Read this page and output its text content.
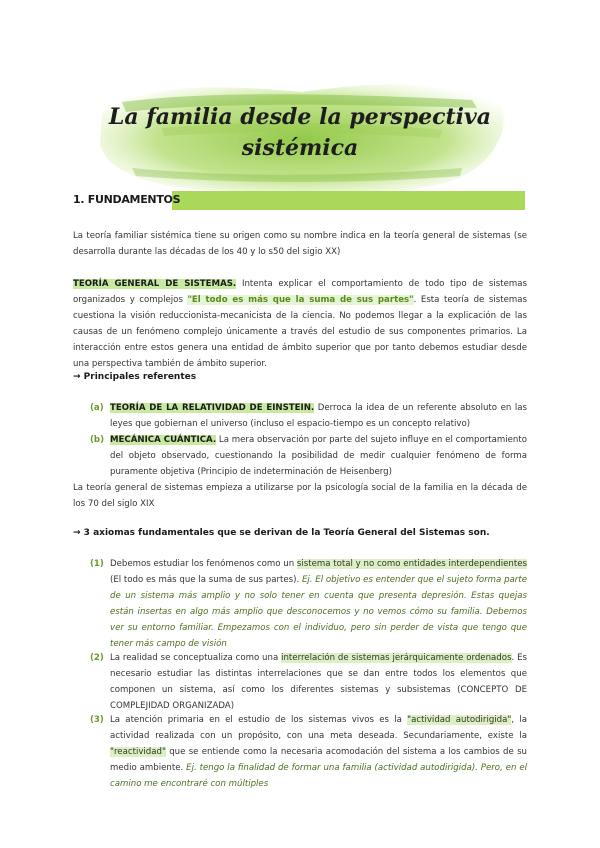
La familia desde la perspectiva
sistémica
1. FUNDAMENTOS
La teoría familiar sistémica tiene su origen como su nombre indica en la teoría general de sistemas (se desarrolla durante las décadas de los 40 y lo s50 del sigio XX)
TEORÍA GENERAL DE SISTEMAS. Intenta explicar el comportamiento de todo tipo de sistemas organizados y complejos "El todo es más que la suma de sus partes". Esta teoría de sistemas cuestiona la visión reduccionista-mecanicista de la ciencia. No podemos llegar a la explicación de las causas de un fenómeno complejo únicamente a través del estudio de sus componentes primarios. La interacción entre estos genera una entidad de ámbito superior que por tanto debemos estudiar desde una perspectiva también de ámbito superior.
→ Principales referentes
(a) TEORÍA DE LA RELATIVIDAD DE EINSTEIN. Derroca la idea de un referente absoluto en las leyes que gobiernan el universo (incluso el espacio-tiempo es un concepto relativo)
(b) MECÁNICA CUÁNTICA. La mera observación por parte del sujeto influye en el comportamiento del objeto observado, cuestionando la posibilidad de medir cualquier fenómeno de forma puramente objetiva (Principio de indeterminación de Heisenberg)
La teoría general de sistemas empieza a utilizarse por la psicología social de la familia en la década de los 70 del siglo XIX
→ 3 axiomas fundamentales que se derivan de la Teoría General del Sistemas son.
(1) Debemos estudiar los fenómenos como un sistema total y no como entidades interdependientes (El todo es más que la suma de sus partes). Ej. El objetivo es entender que el sujeto forma parte de un sistema más amplio y no solo tener en cuenta que presenta depresión. Estas quejas están insertas en algo más amplio que desconocemos y no vemos cómo su familia. Debemos ver su entorno familiar. Empezamos con el individuo, pero sin perder de vista que tengo que tener más campo de visión
(2) La realidad se conceptualiza como una interrelación de sistemas jerárquicamente ordenados. Es necesario estudiar las distintas interrelaciones que se dan entre todos los elementos que componen un sistema, así como los diferentes sistemas y subsistemas (CONCEPTO DE COMPLEJIDAD ORGANIZADA)
(3) La atención primaria en el estudio de los sistemas vivos es la "actividad autodirigida", la actividad realizada con un propósito, con una meta deseada. Secundariamente, existe la "reactividad" que se entiende como la necesaria acomodación del sistema a los cambios de su medio ambiente. Ej. tengo la finalidad de formar una familia (actividad autodirigida). Pero, en el camino me encontraré con múltiples
